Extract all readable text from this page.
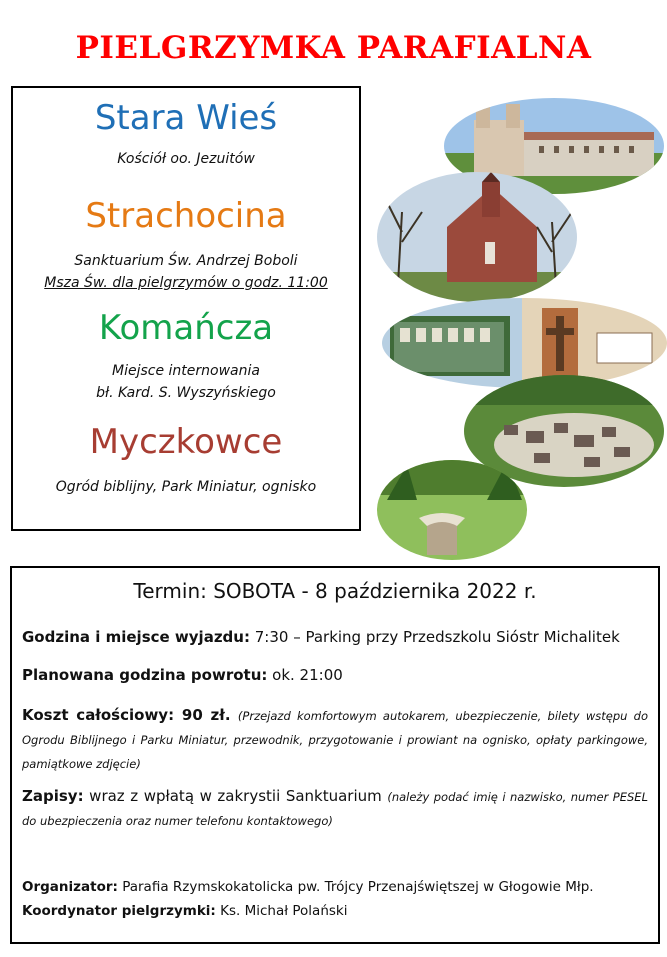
PIELGRZYMKA PARAFIALNA

Stara Wieś

Kościół oo. Jezuitów

Strachocina

Sanktuarium Św. Andrzej Boboli

Msza Św. dla pielgrzymów o godz. 11:00

Komańcza

Miejsce internowania

bł. Kard. S. Wyszyńskiego

Myczkowce

Ogród biblijny, Park Miniatur, ognisko

Termin: SOBOTA - 8 października 2022 r.
Godzina i miejsce wyjazdu: 7:30 – Parking przy Przedszkolu Sióstr Michalitek
Planowana godzina powrotu: ok. 21:00
Koszt całościowy: 90 zł. (Przejazd komfortowym autokarem, ubezpieczenie, bilety wstępu do Ogrodu Biblijnego i Parku Miniatur, przewodnik, przygotowanie i prowiant na ognisko, opłaty parkingowe, pamiątkowe zdjęcie)
Zapisy: wraz z wpłatą w zakrystii Sanktuarium (należy podać imię i nazwisko, numer PESEL do ubezpieczenia oraz numer telefonu kontaktowego)
Organizator: Parafia Rzymskokatolicka pw. Trójcy Przenajświętszej w Głogowie Młp.
Koordynator pielgrzymki: Ks. Michał Polański
